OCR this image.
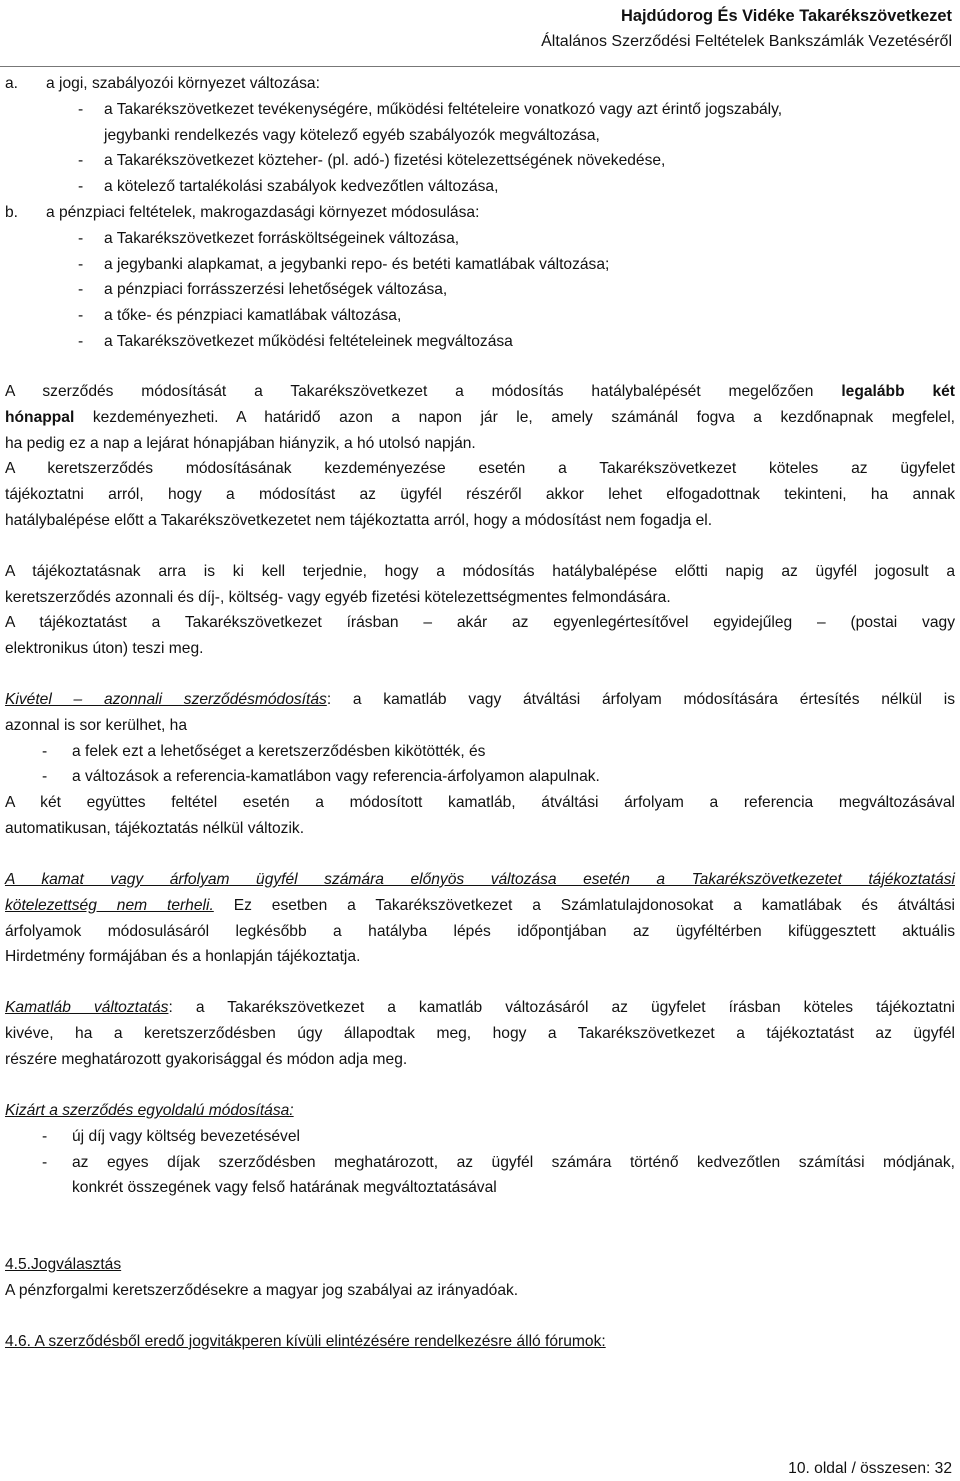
Hajdúdorog És Vidéke Takarékszövetkezet
Általános Szerződési Feltételek Bankszámlák Vezetéséről
a. a jogi, szabályozói környezet változása:
- a Takarékszövetkezet tevékenységére, működési feltételeire vonatkozó vagy azt érintő jogszabály,
jegybanki rendelkezés vagy kötelező egyéb szabályozók megváltozása,
- a Takarékszövetkezet közteher- (pl. adó-) fizetési kötelezettségének növekedése,
- a kötelező tartalékolási szabályok kedvezőtlen változása,
b. a pénzpiaci feltételek, makrogazdasági környezet módosulása:
- a Takarékszövetkezet forrásköltségeinek változása,
- a jegybanki alapkamat, a jegybanki repo- és betéti kamatlábak változása;
- a pénzpiaci forrásszerzési lehetőségek változása,
- a tőke- és pénzpiaci kamatlábak változása,
- a Takarékszövetkezet működési feltételeinek megváltozása
A szerződés módosítását a Takarékszövetkezet a módosítás hatálybalépését megelőzően legalább két
hónappal kezdeményezheti. A határidő azon a napon jár le, amely számánál fogva a kezdőnapnak megfelel,
ha pedig ez a nap a lejárat hónapjában hiányzik, a hó utolsó napján.
A keretszerződés módosításának kezdeményezése esetén a Takarékszövetkezet köteles az ügyfelet
tájékoztatni arról, hogy a módosítást az ügyfél részéről akkor lehet elfogadottnak tekinteni, ha annak
hatálybalépése előtt a Takarékszövetkezetet nem tájékoztatta arról, hogy a módosítást nem fogadja el.
A tájékoztatásnak arra is ki kell terjednie, hogy a módosítás hatálybalépése előtti napig az ügyfél jogosult a
keretszerződés azonnali és díj-, költség- vagy egyéb fizetési kötelezettségmentes felmondására.
A tájékoztatást a Takarékszövetkezet írásban – akár az egyenlegértesítővel egyidejűleg – (postai vagy
elektronikus úton) teszi meg.
Kivétel – azonnali szerződésmódosítás: a kamatláb vagy átváltási árfolyam módosítására értesítés nélkül is
azonnal is sor kerülhet, ha
- a felek ezt a lehetőséget a keretszerződésben kikötötték, és
- a változások a referencia-kamatlábon vagy referencia-árfolyamon alapulnak.
A két együttes feltétel esetén a módosított kamatláb, átváltási árfolyam a referencia megváltozásával
automatikusan, tájékoztatás nélkül változik.
A kamat vagy árfolyam ügyfél számára előnyös változása esetén a Takarékszövetkezetet tájékoztatási
kötelezettség nem terheli. Ez esetben a Takarékszövetkezet a Számlatulajdonosokat a kamatlábak és átváltási
árfolyamok módosulásáról legkésőbb a hatályba lépés időpontjában az ügyféltérben kifüggesztett aktuális
Hirdetmény formájában és a honlapján tájékoztatja.
Kamatláb változtatás: a Takarékszövetkezet a kamatláb változásáról az ügyfelet írásban köteles tájékoztatni
kivéve, ha a keretszerződésben úgy állapodtak meg, hogy a Takarékszövetkezet a tájékoztatást az ügyfél
részére meghatározott gyakorisággal és módon adja meg.
Kizárt a szerződés egyoldalú módosítása:
- új díj vagy költség bevezetésével
- az egyes díjak szerződésben meghatározott, az ügyfél számára történő kedvezőtlen számítási módjának,
konkrét összegének vagy felső határának megváltoztatásával
4.5.Jogválasztás
A pénzforgalmi keretszerződésekre a magyar jog szabályai az irányadóak.
4.6. A szerződésből eredő jogvitákperen kívüli elintézésére rendelkezésre álló fórumok:
10. oldal / összesen: 32
